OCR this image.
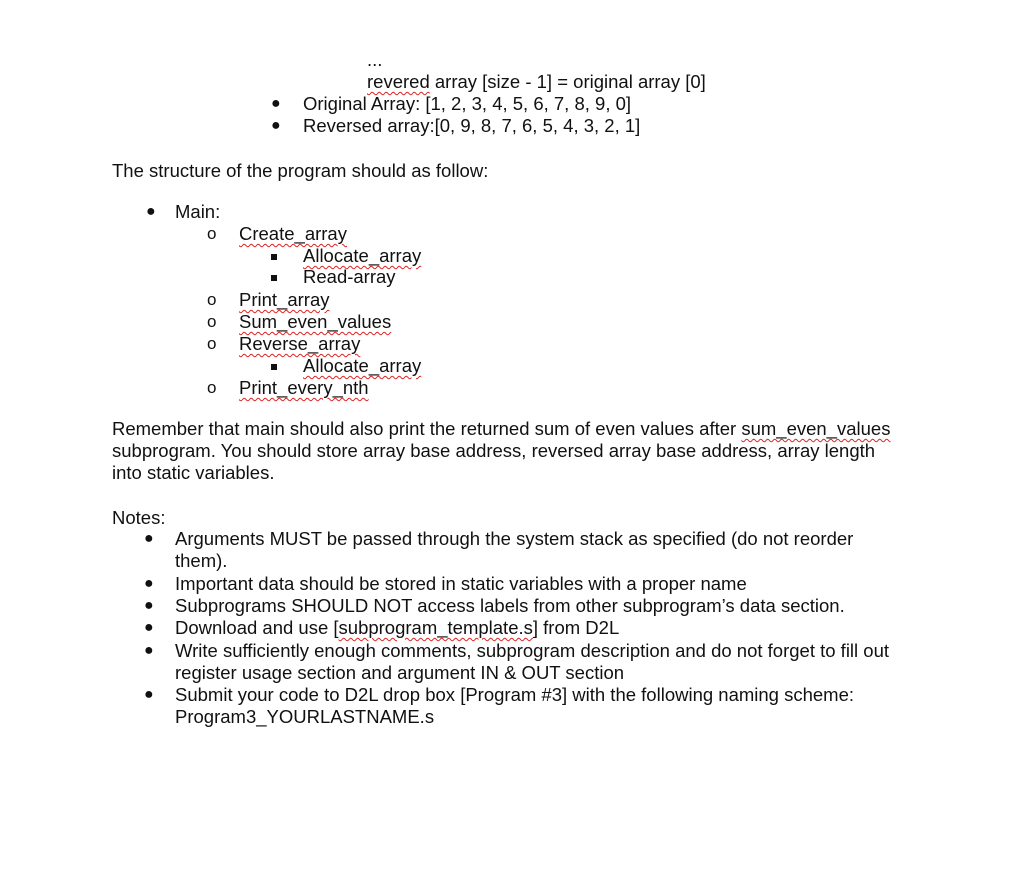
...
revered array [size - 1] = original array [0]
● Original Array: [1, 2, 3, 4, 5, 6, 7, 8, 9, 0]
● Reversed array:[0, 9, 8, 7, 6, 5, 4, 3, 2, 1]
The structure of the program should as follow:
● Main:
o Create_array
Allocate_array
Read-array
o Print_array
o Sum_even_values
o Reverse_array
Allocate_array
o Print_every_nth
Remember that main should also print the returned sum of even values after sum_even_values
subprogram. You should store array base address, reversed array base address, array length
into static variables.
Notes:
● Arguments MUST be passed through the system stack as specified (do not reorder
them).
● Important data should be stored in static variables with a proper name
● Subprograms SHOULD NOT access labels from other subprogram’s data section.
● Download and use [subprogram_template.s] from D2L
● Write sufficiently enough comments, subprogram description and do not forget to fill out
register usage section and argument IN & OUT section
● Submit your code to D2L drop box [Program #3] with the following naming scheme:
Program3_YOURLASTNAME.s
